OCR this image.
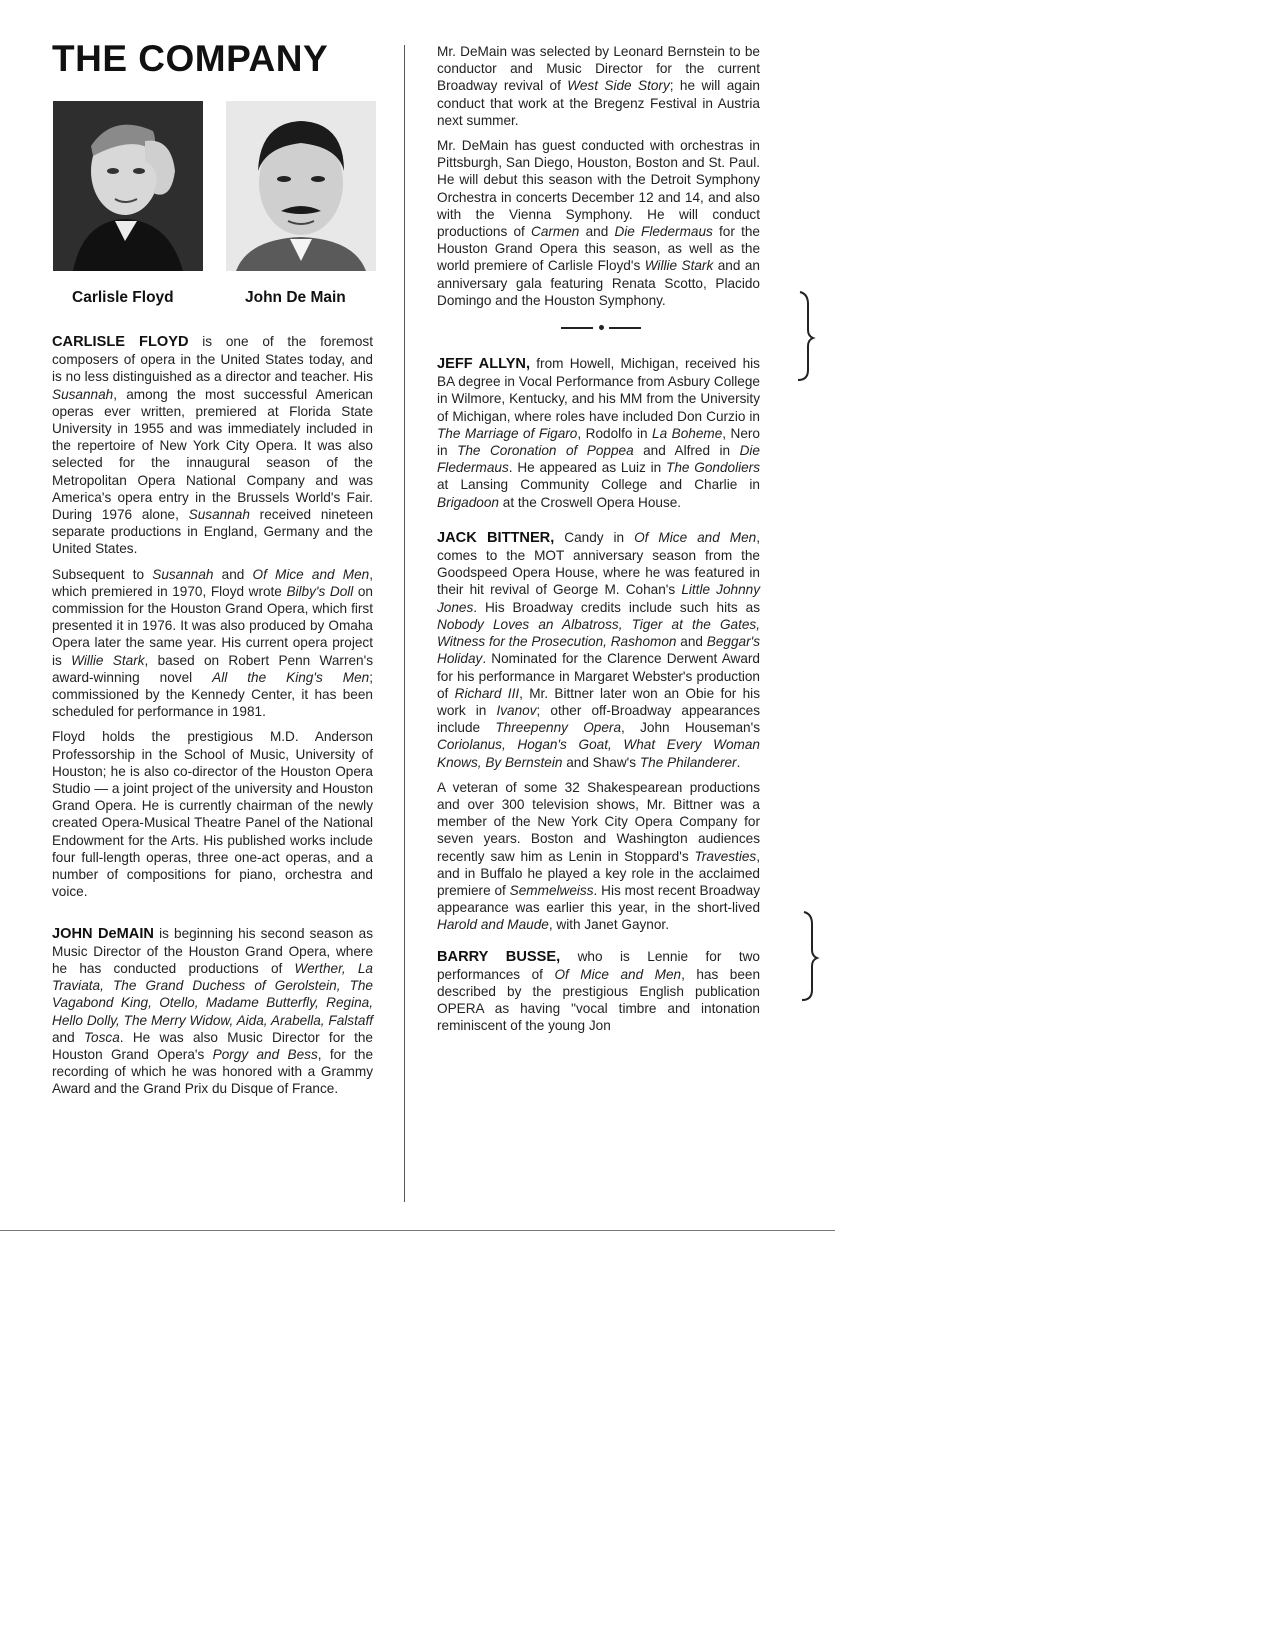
THE COMPANY
Carlisle Floyd	John De Main

CARLISLE FLOYD is one of the foremost composers of opera in the United States today, and is no less distinguished as a director and teacher. His Susannah, among the most successful American operas ever written, premiered at Florida State University in 1955 and was immediately included in the repertoire of New York City Opera. It was also selected for the innaugural season of the Metropolitan Opera National Company and was America's opera entry in the Brussels World's Fair. During 1976 alone, Susannah received nineteen separate productions in England, Germany and the United States.

Subsequent to Susannah and Of Mice and Men, which premiered in 1970, Floyd wrote Bilby's Doll on commission for the Houston Grand Opera, which first presented it in 1976. It was also produced by Omaha Opera later the same year. His current opera project is Willie Stark, based on Robert Penn Warren's award-winning novel All the King's Men; commissioned by the Kennedy Center, it has been scheduled for performance in 1981.

Floyd holds the prestigious M.D. Anderson Professorship in the School of Music, University of Houston; he is also co-director of the Houston Opera Studio — a joint project of the university and Houston Grand Opera. He is currently chairman of the newly created Opera-Musical Theatre Panel of the National Endowment for the Arts. His published works include four full-length operas, three one-act operas, and a number of compositions for piano, orchestra and voice.

JOHN DeMAIN is beginning his second season as Music Director of the Houston Grand Opera, where he has conducted productions of Werther, La Traviata, The Grand Duchess of Gerolstein, The Vagabond King, Otello, Madame Butterfly, Regina, Hello Dolly, The Merry Widow, Aida, Arabella, Falstaff and Tosca. He was also Music Director for the Houston Grand Opera's Porgy and Bess, for the recording of which he was honored with a Grammy Award and the Grand Prix du Disque of France.

Mr. DeMain was selected by Leonard Bernstein to be conductor and Music Director for the current Broadway revival of West Side Story; he will again conduct that work at the Bregenz Festival in Austria next summer.

Mr. DeMain has guest conducted with orchestras in Pittsburgh, San Diego, Houston, Boston and St. Paul. He will debut this season with the Detroit Symphony Orchestra in concerts December 12 and 14, and also with the Vienna Symphony. He will conduct productions of Carmen and Die Fledermaus for the Houston Grand Opera this season, as well as the world premiere of Carlisle Floyd's Willie Stark and an anniversary gala featuring Renata Scotto, Placido Domingo and the Houston Symphony.

JEFF ALLYN, from Howell, Michigan, received his BA degree in Vocal Performance from Asbury College in Wilmore, Kentucky, and his MM from the University of Michigan, where roles have included Don Curzio in The Marriage of Figaro, Rodolfo in La Boheme, Nero in The Coronation of Poppea and Alfred in Die Fledermaus. He appeared as Luiz in The Gondoliers at Lansing Community College and Charlie in Brigadoon at the Croswell Opera House.

JACK BITTNER, Candy in Of Mice and Men, comes to the MOT anniversary season from the Goodspeed Opera House, where he was featured in their hit revival of George M. Cohan's Little Johnny Jones. His Broadway credits include such hits as Nobody Loves an Albatross, Tiger at the Gates, Witness for the Prosecution, Rashomon and Beggar's Holiday. Nominated for the Clarence Derwent Award for his performance in Margaret Webster's production of Richard III, Mr. Bittner later won an Obie for his work in Ivanov; other off-Broadway appearances include Threepenny Opera, John Houseman's Coriolanus, Hogan's Goat, What Every Woman Knows, By Bernstein and Shaw's The Philanderer.

A veteran of some 32 Shakespearean productions and over 300 television shows, Mr. Bittner was a member of the New York City Opera Company for seven years. Boston and Washington audiences recently saw him as Lenin in Stoppard's Travesties, and in Buffalo he played a key role in the acclaimed premiere of Semmelweiss. His most recent Broadway appearance was earlier this year, in the short-lived Harold and Maude, with Janet Gaynor.

BARRY BUSSE, who is Lennie for two performances of Of Mice and Men, has been described by the prestigious English publication OPERA as having "vocal timbre and intonation reminiscent of the young Jon
